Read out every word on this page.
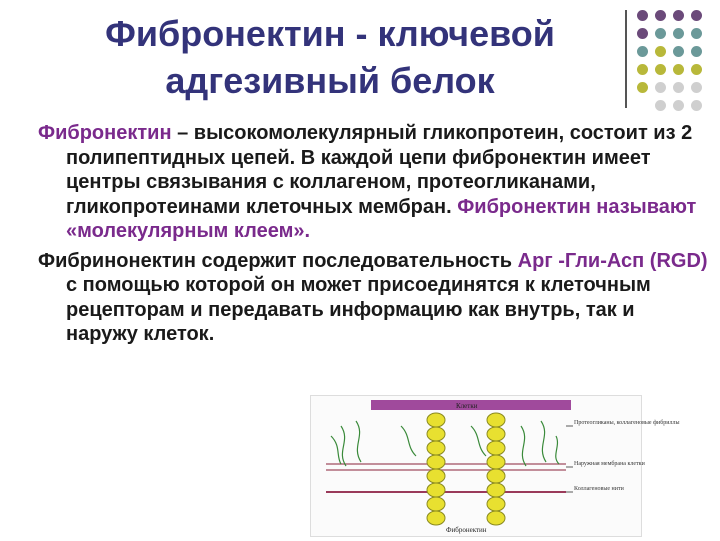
Фибронектин - ключевой
адгезивный белок

Фибронектин – высокомолекулярный гликопротеин, состоит из 2 полипептидных цепей. В каждой цепи фибронектин имеет центры связывания с коллагеном, протеогликанами, гликопротеинами клеточных мембран. Фибронектин называют «молекулярным клеем».

Фибринонектин содержит последовательность Арг -Гли-Асп (RGD) с помощью которой он может присоединятся к клеточным рецепторам и передавать информацию как внутрь, так и наружу клеток.

Клетки
Фибронектин
Протеогликаны, коллагеновые фибриллы
Наружная мембрана клетки
Коллагеновые нити
